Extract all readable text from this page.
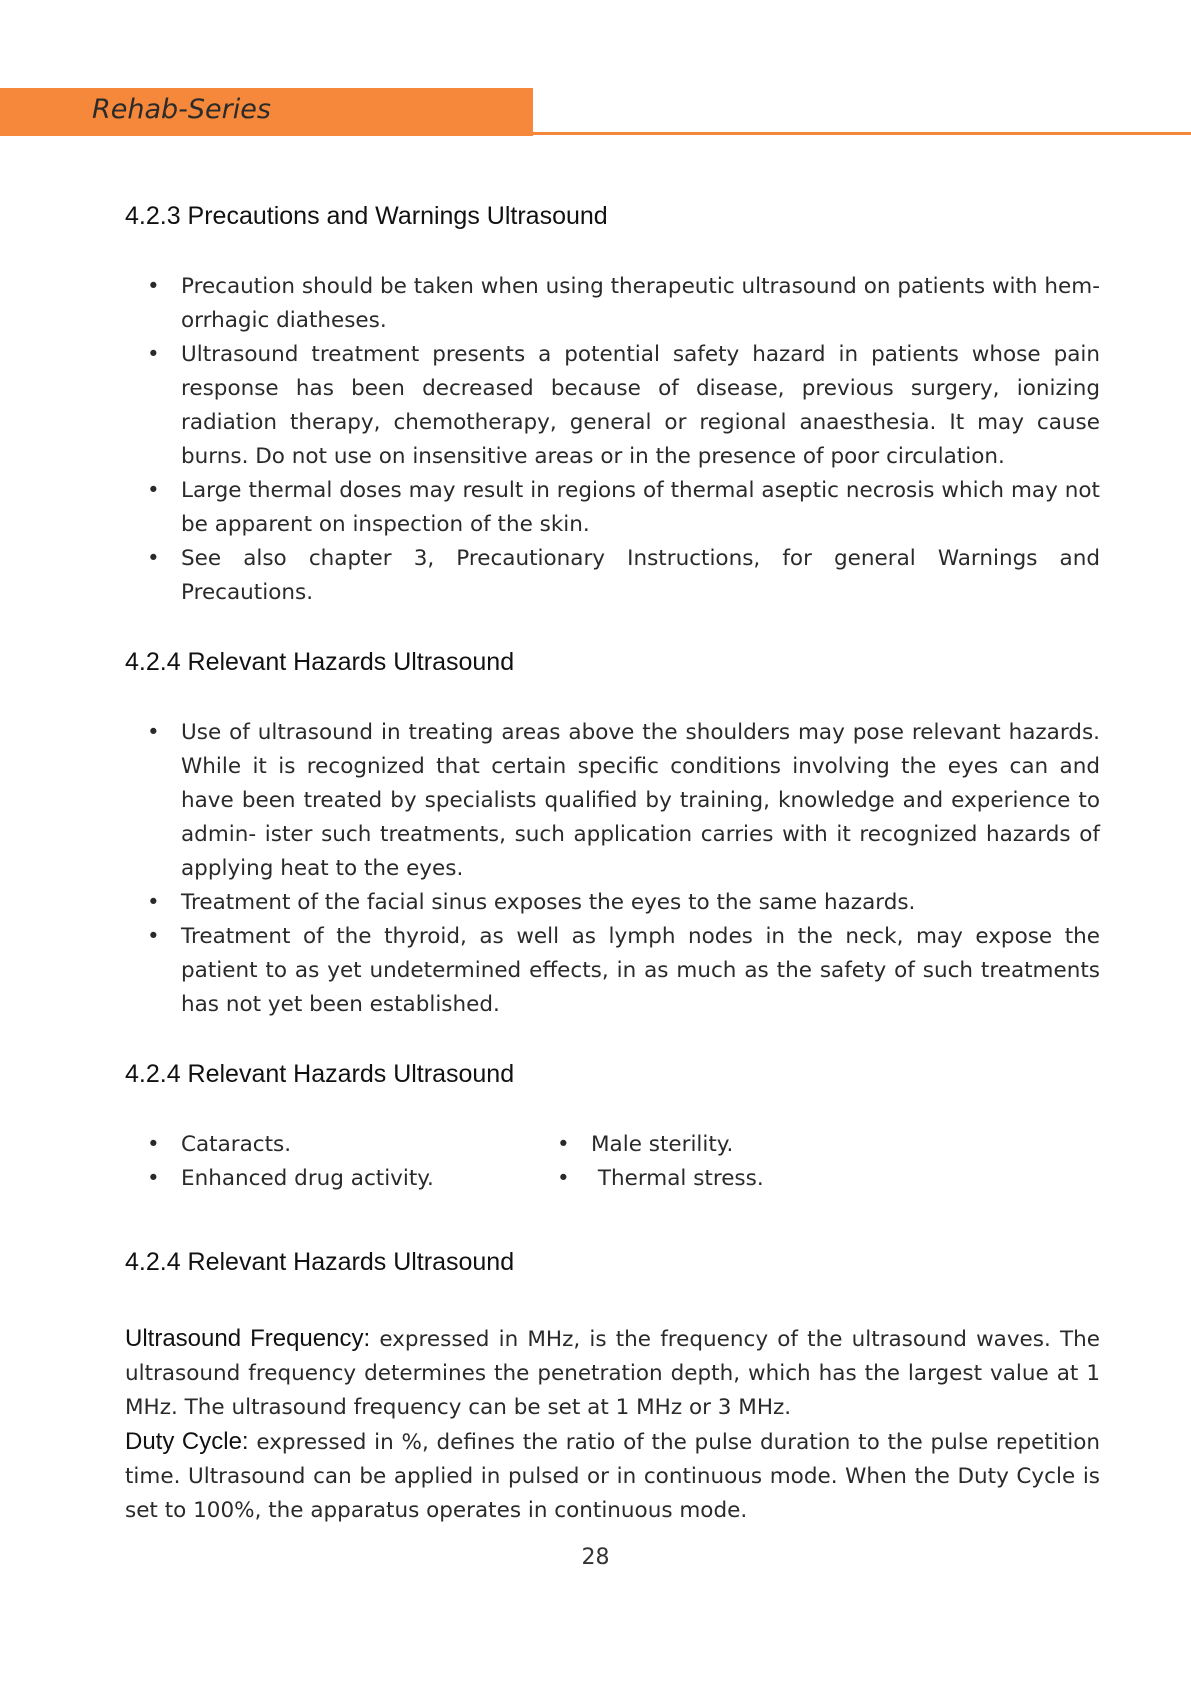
Rehab-Series
4.2.3 Precautions and Warnings Ultrasound
• Precaution should be taken when using therapeutic ultrasound on patients with hem- orrhagic diatheses.
• Ultrasound treatment presents a potential safety hazard in patients whose pain response has been decreased because of disease, previous surgery, ionizing radiation therapy, chemotherapy, general or regional anaesthesia. It may cause burns. Do not use on insensitive areas or in the presence of poor circulation.
• Large thermal doses may result in regions of thermal aseptic necrosis which may not be apparent on inspection of the skin.
• See also chapter 3, Precautionary Instructions, for general Warnings and Precautions.
4.2.4 Relevant Hazards Ultrasound
• Use of ultrasound in treating areas above the shoulders may pose relevant hazards. While it is recognized that certain specific conditions involving the eyes can and have been treated by specialists qualified by training, knowledge and experience to admin- ister such treatments, such application carries with it recognized hazards of applying heat to the eyes.
• Treatment of the facial sinus exposes the eyes to the same hazards.
• Treatment of the thyroid, as well as lymph nodes in the neck, may expose the patient to as yet undetermined effects, in as much as the safety of such treatments has not yet been established.
4.2.4 Relevant Hazards Ultrasound
• Cataracts.
• Enhanced drug activity.
• Male sterility.
• Thermal stress.
4.2.4 Relevant Hazards Ultrasound

Ultrasound Frequency: expressed in MHz, is the frequency of the ultrasound waves. The ultrasound frequency determines the penetration depth, which has the largest value at 1 MHz. The ultrasound frequency can be set at 1 MHz or 3 MHz.

Duty Cycle: expressed in %, defines the ratio of the pulse duration to the pulse repetition time. Ultrasound can be applied in pulsed or in continuous mode. When the Duty Cycle is set to 100%, the apparatus operates in continuous mode.

28
